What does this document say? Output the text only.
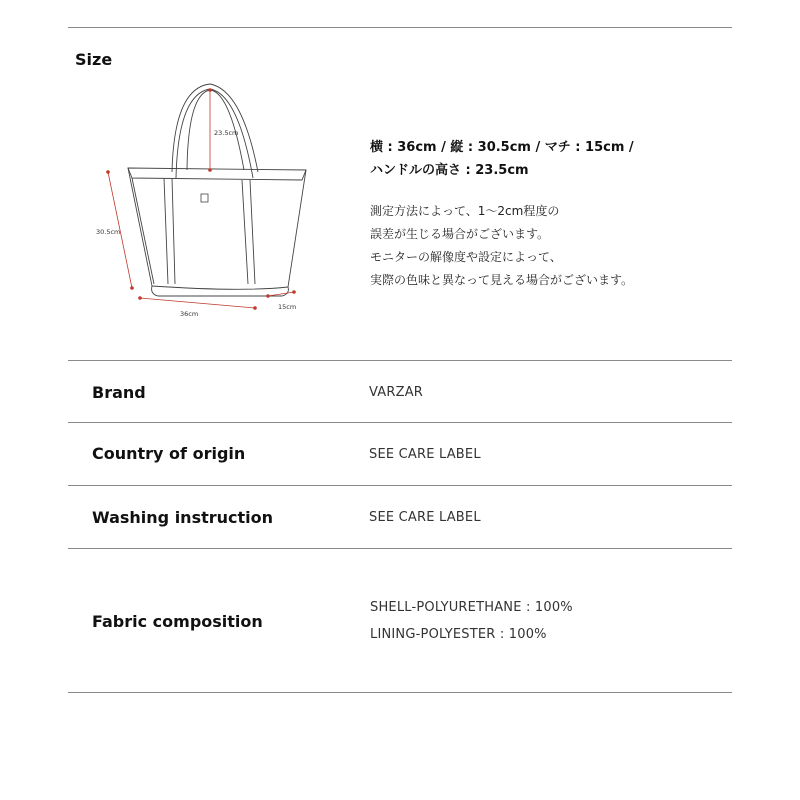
Size
23.5cm
30.5cm
36cm
15cm
横 : 36cm / 縦 : 30.5cm / マチ : 15cm /
ハンドルの高さ : 23.5cm
測定方法によって、1〜2cm程度の
誤差が生じる場合がございます。
モニターの解像度や設定によって、
実際の色味と異なって見える場合がございます。
Brand	VARZAR
Country of origin	SEE CARE LABEL
Washing instruction	SEE CARE LABEL
Fabric composition
SHELL-POLYURETHANE : 100%
LINING-POLYESTER : 100%
